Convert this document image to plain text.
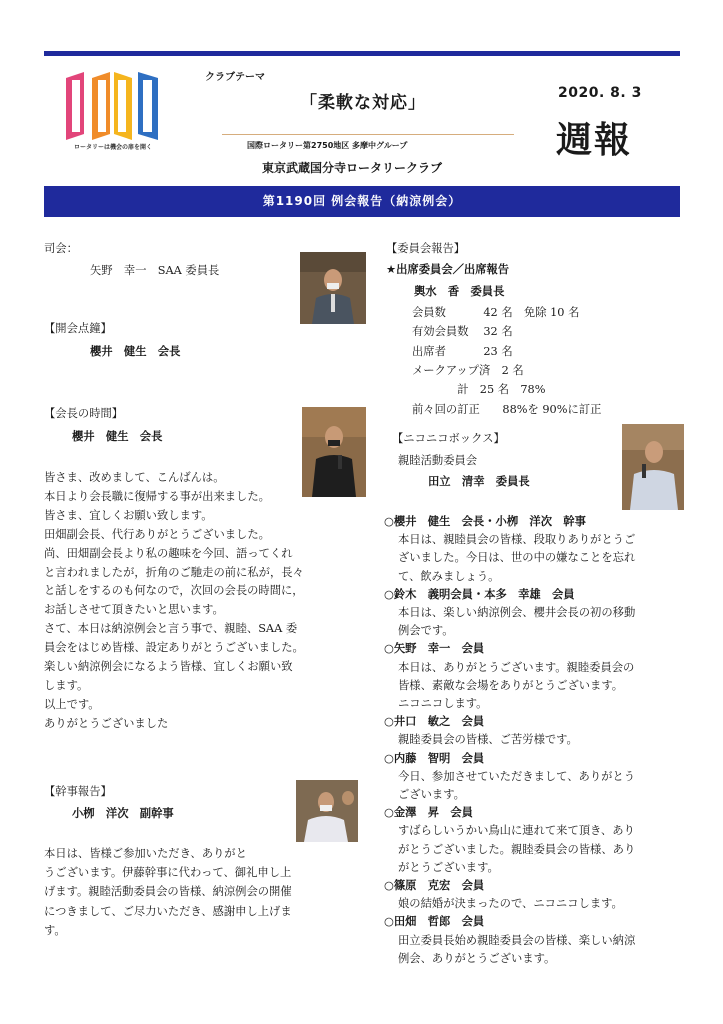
ロータリーは機会の扉を開く
クラブテーマ
「柔軟な対応」	2020. 8. 3
週報
国際ロータリー第2750地区 多摩中グループ
東京武蔵国分寺ロータリークラブ
第1190回 例会報告（納涼例会）
司会：
矢野　幸一　SAA 委員長
【開会点鐘】
櫻井　健生　会長
【会長の時間】
櫻井　健生　会長
皆さま、改めまして、こんばんは。
本日より会長職に復帰する事が出来ました。
皆さま、宜しくお願い致します。
田畑副会長、代行ありがとうございました。
尚、田畑副会長より私の趣味を今回、語ってくれ
と言われましたが，折角のご馳走の前に私が，長々
と話しをするのも何なので，次回の会長の時間に，
お話しさせて頂きたいと思います。
さて、本日は納涼例会と言う事で、親睦、SAA 委
員会をはじめ皆様、設定ありがとうございました。
楽しい納涼例会になるよう皆様、宜しくお願い致
します。
以上です。
ありがとうございました
【幹事報告】
小栁　洋次　副幹事
本日は、皆様ご参加いただき、ありがと
うございます。伊藤幹事に代わって、御礼申し上
げます。親睦活動委員会の皆様、納涼例会の開催
につきまして、ご尽力いただき、感謝申し上げま
す。
【委員会報告】
★出席委員会／出席報告
輿水　香　委員長
会員数　　　 42 名　免除 10 名
有効会員数　 32 名
出席者　　　 23 名
メークアップ済　2 名
　　　　計　25 名　78%
前々回の訂正　　88%を 90%に訂正
【ニコニコボックス】
親睦活動委員会
田立　清幸　委員長
○櫻井　健生　会長・小栁　洋次　幹事
本日は、親睦員会の皆様、段取りありがとうご
ざいました。今日は、世の中の嫌なことを忘れ
て、飲みましょう。
○鈴木　義明会員・本多　幸雄　会員
本日は、楽しい納涼例会、櫻井会長の初の移動
例会です。
○矢野　幸一　会員
本日は、ありがとうございます。親睦委員会の
皆様、素敵な会場をありがとうございます。
ニコニコします。
○井口　敏之　会員
親睦委員会の皆様、ご苦労様です。
○内藤　智明　会員
今日、参加させていただきまして、ありがとう
ございます。
○金澤　昇　会員
すばらしいうかい鳥山に連れて来て頂き、あり
がとうございました。親睦委員会の皆様、あり
がとうございます。
○篠原　克宏　会員
娘の結婚が決まったので、ニコニコします。
○田畑　哲郎　会員
田立委員長始め親睦委員会の皆様、楽しい納涼
例会、ありがとうございます。
